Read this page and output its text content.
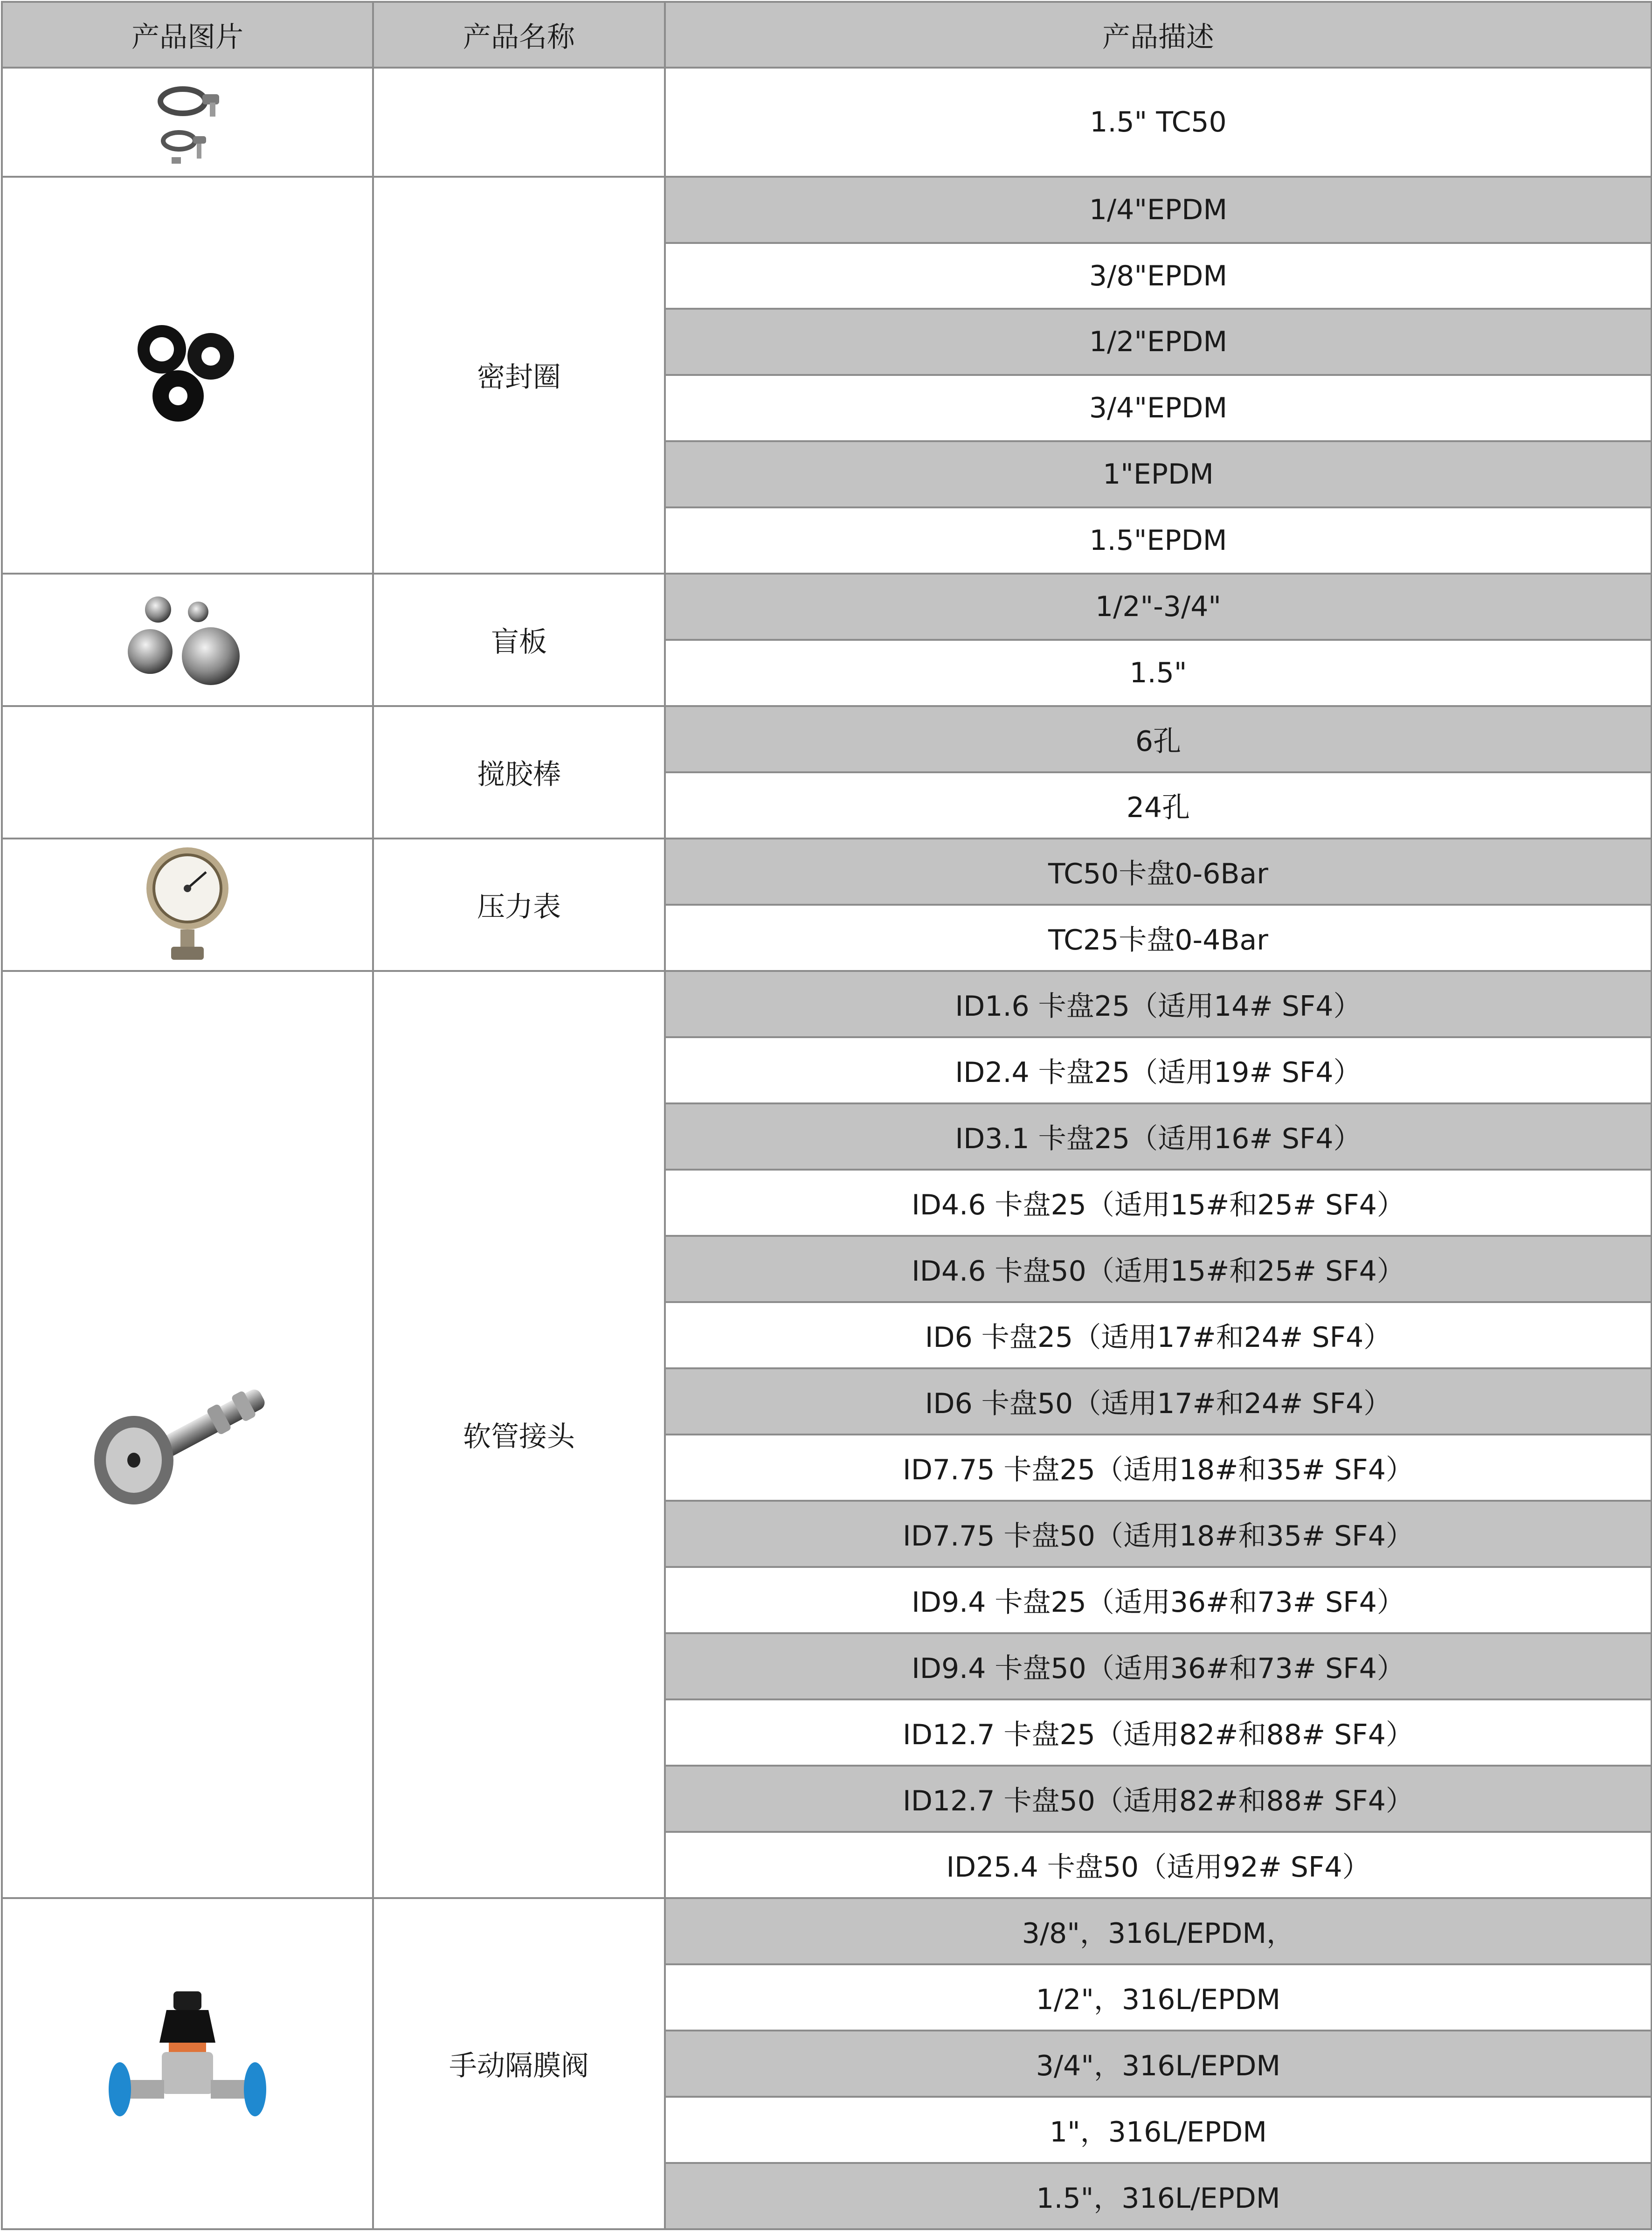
产品图片	产品名称	产品描述

		1.5" TC50

	密封圈	1/4"EPDM
		3/8"EPDM
		1/2"EPDM
		3/4"EPDM
		1"EPDM
		1.5"EPDM

	盲板	1/2"-3/4"
		1.5"
	搅胶棒	6孔
		24孔

	压力表	TC50卡盘0-6Bar
		TC25卡盘0-4Bar

	软管接头	ID1.6 卡盘25（适用14# SF4）
		ID2.4 卡盘25（适用19# SF4）
		ID3.1 卡盘25（适用16# SF4）
		ID4.6 卡盘25（适用15#和25# SF4）
		ID4.6 卡盘50（适用15#和25# SF4）
		ID6 卡盘25（适用17#和24# SF4）
		ID6 卡盘50（适用17#和24# SF4）
		ID7.75 卡盘25（适用18#和35# SF4）
		ID7.75 卡盘50（适用18#和35# SF4）
		ID9.4 卡盘25（适用36#和73# SF4）
		ID9.4 卡盘50（适用36#和73# SF4）
		ID12.7 卡盘25（适用82#和88# SF4）
		ID12.7 卡盘50（适用82#和88# SF4）
		ID25.4 卡盘50（适用92# SF4）

	手动隔膜阀	3/8"，316L/EPDM，
		1/2"，316L/EPDM
		3/4"，316L/EPDM
		1"，316L/EPDM
		1.5"，316L/EPDM
